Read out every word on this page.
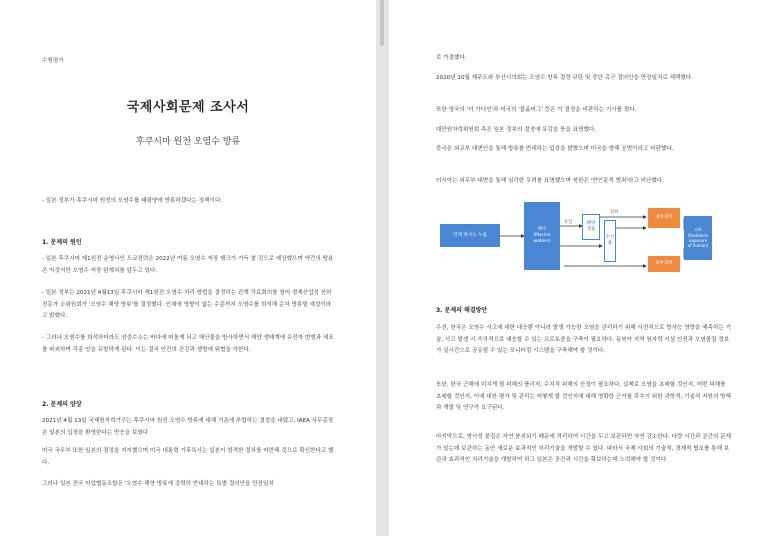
수행평가
국제사회문제 조사서
후쿠시마 원전 오염수 방류

- 일본 정부가 후쿠시마 원전의 오염수를 태평양에 방류하겠다는 정책이다.

1. 문제의 원인

- 일본 후쿠시마 제1원전 운영사인 도쿄전력은 2022년 여름 오염수 저장 탱크가 가득 찰 것으로 예상했으며 약간의 땅용은 익것지만 오염수 저장 한계치를 앞두고 있다.

- 일본 정부는 2021년 4월13일 후쿠시마 제1원전 오염수 처리 방법을 결정하는 관계 각료회의를 열어 경제산업성 산하 전문가 소위원회가 '오염수 해양 방류'를 결정했다. 인체에 영향이 없는 수준까지 오염수를 희석해 순차 방류할 예정이라고 밝혔다.

- 그러나 오염수를 희석하더라도 삼중수소는 바다에 떠돌게 되고 해산물을 방사하면서 해양 생태계에 유전자 변형과 세포를 파괴하며 각종 암을 유발하게 된다. 이는 결국 인간의 건강과 생명에 위협을 가한다.

2. 문제의 양상

2021년 4월 13일 국제원자력기구는 후쿠시마 원전 오염수 방류에 대해 기준에 부합하는 결정을 내렸고, IAEA 사무총장은 일본의 입장을 환영한다는 반응을 보였다.

미국 국무부 또한 일본의 결정을 지지했으며 미국 대통령 기후특사는 일본이 엄격한 절차를 마련해 것으로 확신한다고 했다.

그러나 일본 전국 어업협동조합은 '오염수 해양 방류에 강력히 반대하는 특별 결의안을 만장일치

로 가결했다.

2020년 10월 제주도와 부산시의회는 오염수 방류 결정 규탄 및 중단 촉구 결의안을 만장일치로 채택했다.

또한 영국의 '더 가디언'과 미국의 '블룸버그' 등은 이 결정을 비판하는 기사를 썼다.

대만원자력위원회 측은 일본 정부의 결정에 유감을 뜻을 표명했다.

중국은 외교부 대변인을 통해 방류를 반대하는 입장을 밝혔으며 미국을 향해 공범이라고 비판했다.

러시아는 외무부 대변을 통해 심각한 우려를 표명했으며 북한은 '반인륜적 범죄'라고 비난했다.

3. 문제의 해결방안

우선, 한국은 오염수 사고에 대한 대응뿐 아니라 발생 가능한 오염을 관리하기 위해 사전적으로 방사능 영향을 예측하는 기술, 사고 발생 시 즉각적으로 대응할 수 있는 프로토콜을 구축이 필요하다. 동북아 지역 원자력 시설 안전과 오염물질 정보가 실시간으로 공유될 수 있는 모니터링 시스템을 구축해야 할 것이다.

또한, 한국 근해에 미치게 될 피해의 플리적, 수치적 피해의 산정이 필요하다. 실제로 오염을 초래할 것인지, 어떤 피해를 초래할 것인지, 이에 대한 평가 및 관리는 어떻게 할 것인지에 대해 명확한 근거를 갖추기 위한 과학적, 기술적 지원의 방책과 개발 및 연구가 요구된다.

마지막으로, 방사성 물질은 자연 붕괴되기 때문에 격리하여 시간을 두고 보관하면 자연 감소한다. 다량 시간과 공간의 문제가 있는데 보관하는 동안 새로운 효과적인 처리기술을 개발할 수 있다. 따라서 국제 사회의 기술적, 경제적 협조를 통해 보관과 효과적인 처리기술을 개발하여 하고 일본은 공간과 시간을 확보하는데 노력해야 할 것이다.

역제 방사능 누출
해수
(Marine
waters)
유입
섭취
해양
생물
수산
물
내부피폭
외부피폭
피폭
(Radiation
exposure
of human)
